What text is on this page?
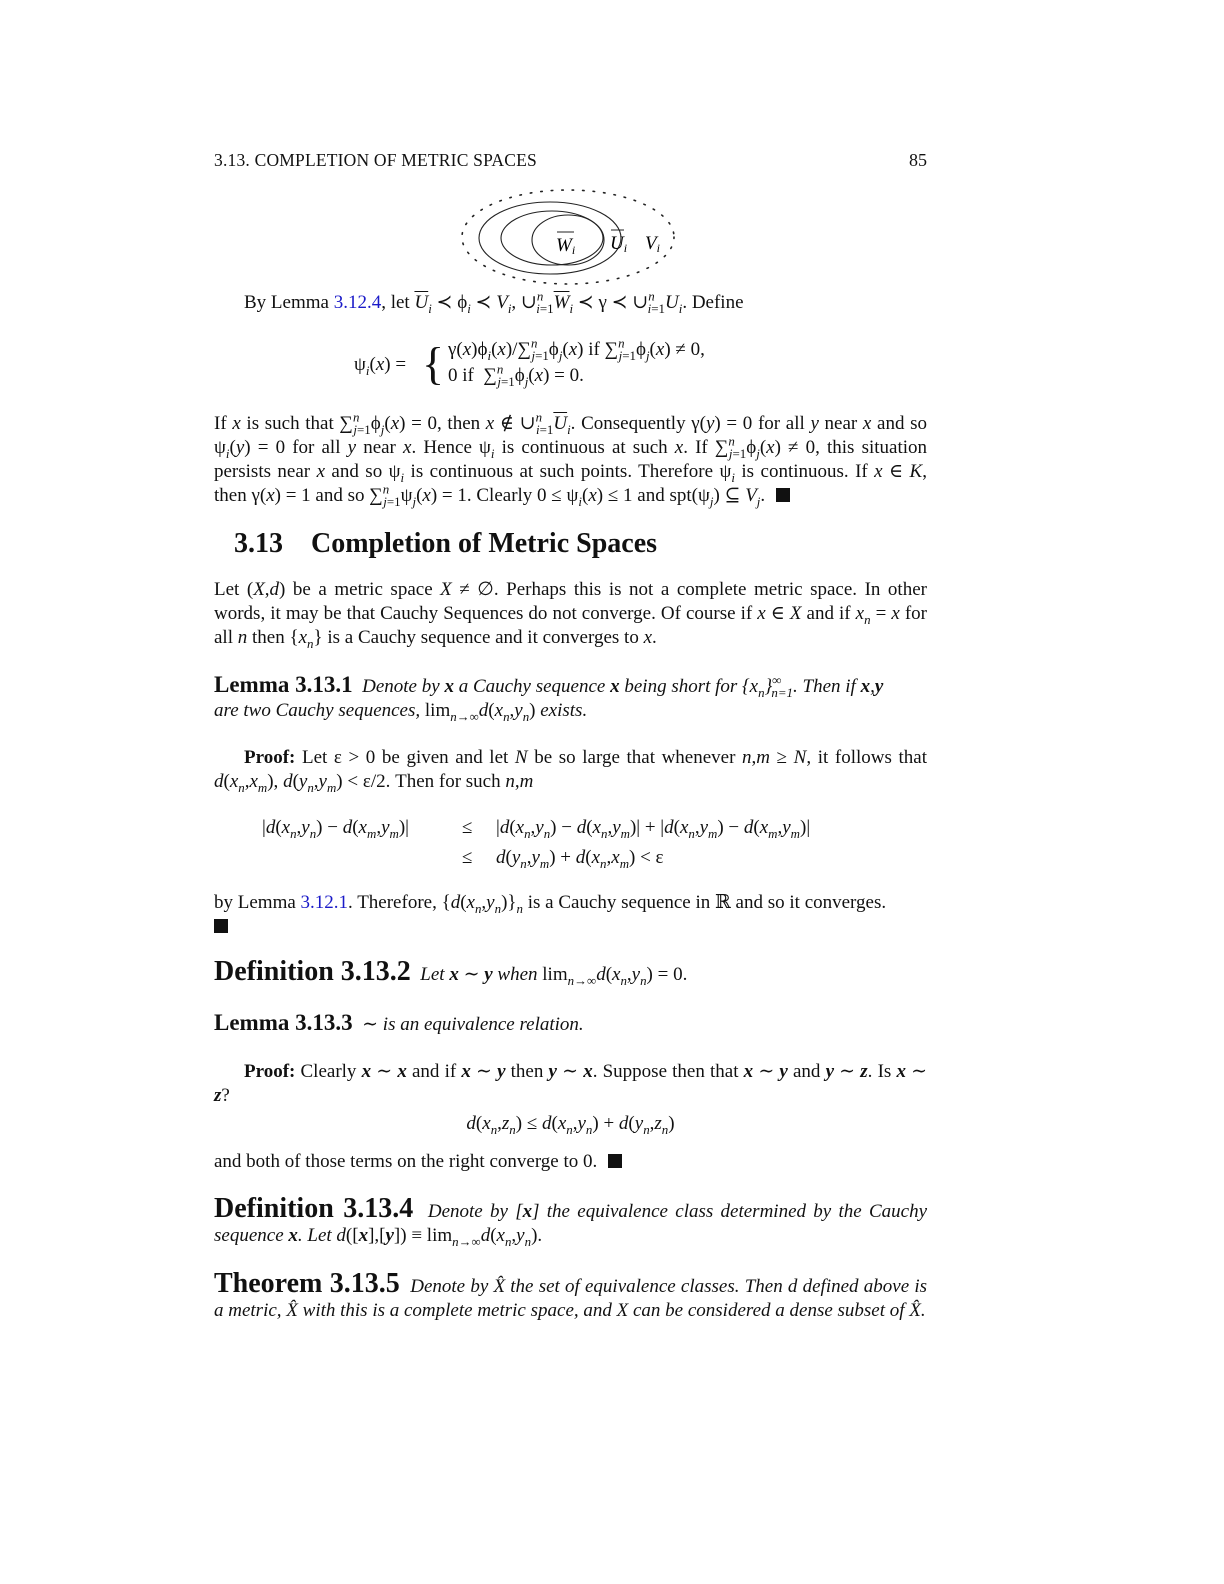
3.13. COMPLETION OF METRIC SPACES	85
Wi Ui Vi
By Lemma 3.12.4, let $\overline{U}_i$ ≺ $\phi_i$ ≺ $V_i$, $\cup^n_{i=1}\overline{W}_i$ ≺ γ ≺ $\cup^n_{i=1}U_i$. Define
$\psi_i(x)$ = { $\gamma(x)\phi_i(x)/\sum^n_{j=1}\phi_j(x)$ if $\sum^n_{j=1}\phi_j(x) \ne 0$,
0 if  $\sum^n_{j=1}\phi_j(x) = 0$.
If x is such that $\sum^n_{j=1}\phi_j(x) = 0$, then x ∉ $\cup^n_{i=1}\overline{U}_i$. Consequently γ(y) = 0 for all y near x and so $\psi_i(y) = 0$ for all y near x. Hence $\psi_i$ is continuous at such x. If $\sum^n_{j=1}\phi_j(x) \ne 0$, this situation persists near x and so $\psi_i$ is continuous at such points. Therefore $\psi_i$ is continuous. If x ∈ K, then γ(x) = 1 and so $\sum^n_{j=1}\psi_j(x) = 1$. Clearly $0 \le \psi_i(x) \le 1$ and $spt(\psi_j)$ ⊆ $V_j$.
3.13 Completion of Metric Spaces
Let (X,d) be a metric space X ≠ ∅. Perhaps this is not a complete metric space. In other words, it may be that Cauchy Sequences do not converge. Of course if x ∈ X and if $x_n = x$ for all n then $\{x_n\}$ is a Cauchy sequence and it converges to x.
Lemma 3.13.1  Denote by x a Cauchy sequence x being short for $\{x_n\}^\infty_{n=1}$. Then if x,y
are two Cauchy sequences, $\lim_{n\to\infty}d(x_n,y_n)$ exists.
Proof: Let ε > 0 be given and let N be so large that whenever n,m ≥ N, it follows that $d(x_n,x_m)$, $d(y_n,y_m) < \varepsilon/2$. Then for such n,m
$|d(x_n,y_n) - d(x_m,y_m)|$	≤ $|d(x_n,y_n) - d(x_n,y_m)| + |d(x_n,y_m) - d(x_m,y_m)|$
≤ $d(y_n,y_m) + d(x_n,x_m) < \varepsilon$
by Lemma 3.12.1. Therefore, $\{d(x_n,y_n)\}_n$ is a Cauchy sequence in ℝ and so it converges.

Definition 3.13.2  Let x ∼ y when $\lim_{n\to\infty}d(x_n,y_n) = 0$.
Lemma 3.13.3  ∼ is an equivalence relation.
Proof: Clearly x ∼ x and if x ∼ y then y ∼ x. Suppose then that x ∼ y and y ∼ z. Is x ∼ z?
$d(x_n,z_n) \le d(x_n,y_n) + d(y_n,z_n)$
and both of those terms on the right converge to 0.
Definition 3.13.4  Denote by [x] the equivalence class determined by the Cauchy sequence x. Let $d([x],[y]) \equiv \lim_{n\to\infty}d(x_n,y_n)$.
Theorem 3.13.5 Denote by X̂ the set of equivalence classes. Then d defined above is a metric, X̂ with this is a complete metric space, and X can be considered a dense subset of X̂.
